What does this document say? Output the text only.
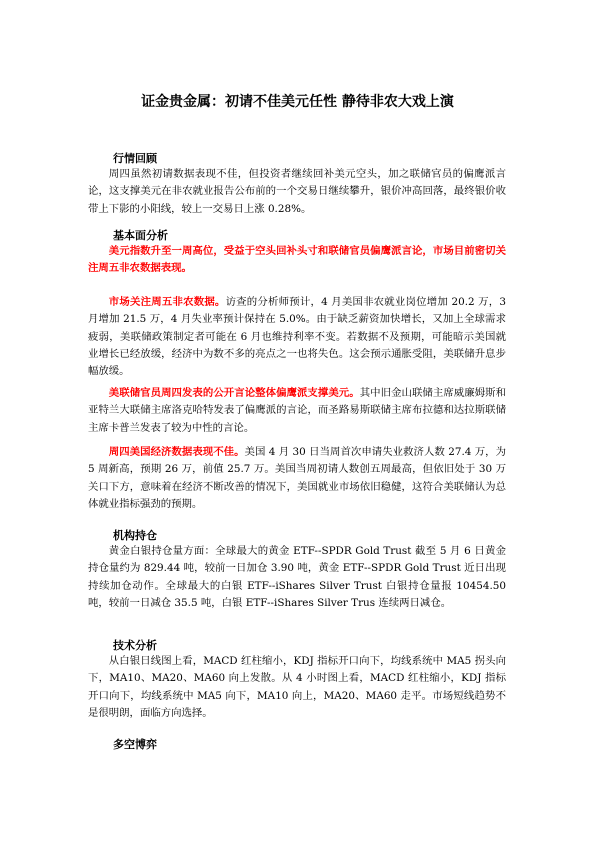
证金贵金属：初请不佳美元任性 静待非农大戏上演
行情回顾

周四虽然初请数据表现不佳，但投资者继续回补美元空头，加之联储官员的偏鹰派言论，这支撑美元在非农就业报告公布前的一个交易日继续攀升，银价冲高回落，最终银价收带上下影的小阳线，较上一交易日上涨 0.28%。

基本面分析

美元指数升至一周高位，受益于空头回补头寸和联储官员偏鹰派言论，市场目前密切关注周五非农数据表现。

市场关注周五非农数据。访查的分析师预计，4 月美国非农就业岗位增加 20.2 万，3 月增加 21.5 万，4 月失业率预计保持在 5.0%。由于缺乏薪资加快增长，又加上全球需求疲弱，美联储政策制定者可能在 6 月也维持利率不变。若数据不及预期，可能暗示美国就业增长已经放缓，经济中为数不多的亮点之一也将失色。这会预示通胀受阻，美联储升息步幅放缓。

美联储官员周四发表的公开言论整体偏鹰派支撑美元。其中旧金山联储主席威廉姆斯和亚特兰大联储主席洛克哈特发表了偏鹰派的言论，而圣路易斯联储主席布拉德和达拉斯联储主席卡普兰发表了较为中性的言论。

周四美国经济数据表现不佳。美国 4 月 30 日当周首次申请失业救济人数 27.4 万，为 5 周新高，预期 26 万，前值 25.7 万。美国当周初请人数创五周最高，但依旧处于 30 万关口下方，意味着在经济不断改善的情况下，美国就业市场依旧稳健，这符合美联储认为总体就业指标强劲的预期。

机构持仓

黄金白银持仓量方面：全球最大的黄金 ETF--SPDR Gold Trust 截至 5 月 6 日黄金持仓量约为 829.44 吨，较前一日加仓 3.90 吨，黄金 ETF--SPDR Gold Trust 近日出现持续加仓动作。全球最大的白银 ETF--iShares Silver Trust 白银持仓量报 10454.50 吨，较前一日减仓 35.5 吨，白银 ETF--iShares Silver Trus 连续两日减仓。

技术分析

从白银日线图上看，MACD 红柱缩小，KDJ 指标开口向下，均线系统中 MA5 拐头向下，MA10、MA20、MA60 向上发散。从 4 小时图上看，MACD 红柱缩小，KDJ 指标开口向下，均线系统中 MA5 向下，MA10 向上，MA20、MA60 走平。市场短线趋势不是很明朗，面临方向选择。

多空博弈
